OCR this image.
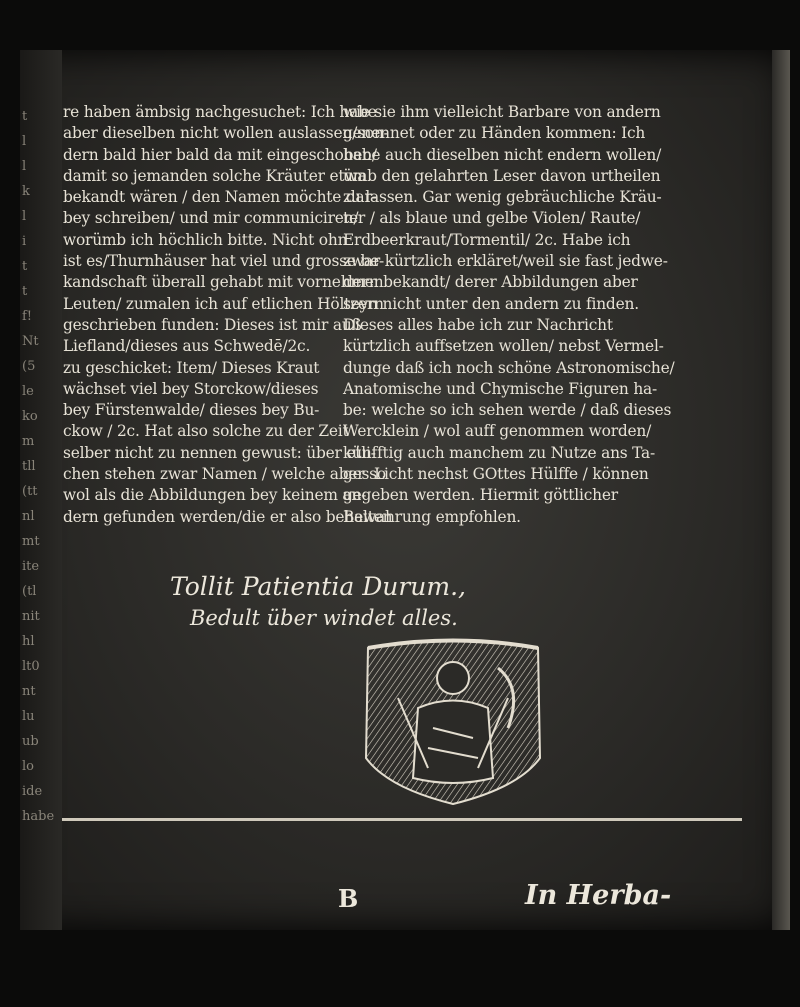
t
l
l
k
l
i
t
t
f!
Nt
(5
le
ko
m
tll
(tt
nl
mt
ite
(tl
nit
hl
lt0
nt
lu
ub
lo
ide
habe
re haben ämbsig nachgesuchet: Ich habe
aber dieselben nicht wollen auslassen/son-
dern bald hier bald da mit eingeschoben/
damit so jemanden solche Kräuter etwa
bekandt wären / den Namen möchte dar-
bey schreiben/ und mir communiciren/
worümb ich höchlich bitte. Nicht ohn
ist es/Thurnhäuser hat viel und grosse be-
kandschaft überall gehabt mit vornehmen
Leuten/ zumalen ich auf etlichen Höltzern
geschrieben funden: Dieses ist mir auß
Liefland/dieses aus Schwedē/2c.
zu geschicket: Item/ Dieses Kraut
wächset viel bey Storckow/dieses
bey Fürstenwalde/ dieses bey Bu-
ckow / 2c. Hat also solche zu der Zeit
selber nicht zu nennen gewust: über etli-
chen stehen zwar Namen / welche aber so
wol als die Abbildungen bey keinem an-
dern gefunden werden/die er also behalten
wie sie ihm vielleicht Barbare von andern
genennet oder zu Händen kommen: Ich
habe auch dieselben nicht endern wollen/
ümb den gelahrten Leser davon urtheilen
zu lassen. Gar wenig gebräuchliche Kräu-
ter / als blaue und gelbe Violen/ Raute/
Erdbeerkraut/Tormentil/ 2c. Habe ich
zwar kürtzlich erkläret/weil sie fast jedwe-
dern bekandt/ derer Abbildungen aber
seyn nicht unter den andern zu finden.
Dieses alles habe ich zur Nachricht
kürtzlich auffsetzen wollen/ nebst Vermel-
dunge daß ich noch schöne Astronomische/
Anatomische und Chymische Figuren ha-
be: welche so ich sehen werde / daß dieses
Wercklein / wol auff genommen worden/
künfftig auch manchem zu Nutze ans Ta-
ges Licht nechst GOttes Hülffe / können
gegeben werden. Hiermit göttlicher
Bewahrung empfohlen.
Tollit Patientia Durum.,
Bedult über windet alles.
B	In Herba-
